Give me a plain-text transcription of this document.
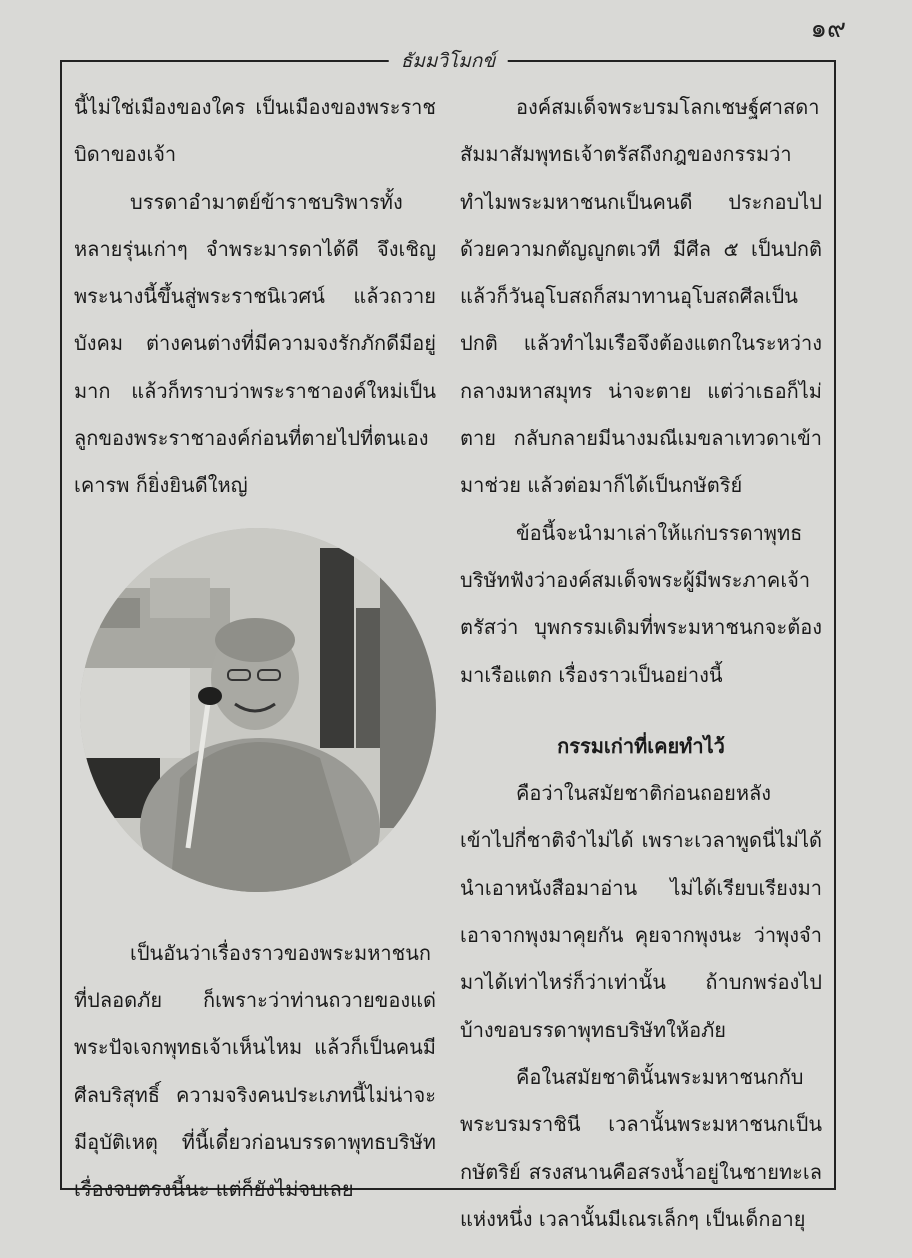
๑๙
ธัมมวิโมกข์

นี้ไม่ใช่เมืองของใคร เป็นเมืองของพระราชบิดาของเจ้า

บรรดาอำมาตย์ข้าราชบริพารทั้งหลายรุ่นเก่าๆ จำพระมารดาได้ดี จึงเชิญพระนางนี้ขึ้นสู่พระราชนิเวศน์ แล้วถวายบังคม ต่างคนต่างที่มีความจงรักภักดีมีอยู่มาก แล้วก็ทราบว่าพระราชาองค์ใหม่เป็นลูกของพระราชาองค์ก่อนที่ตายไปที่ตนเองเคารพ ก็ยิ่งยินดีใหญ่

เป็นอันว่าเรื่องราวของพระมหาชนกที่ปลอดภัย ก็เพราะว่าท่านถวายของแด่พระปัจเจกพุทธเจ้าเห็นไหม แล้วก็เป็นคนมีศีลบริสุทธิ์ ความจริงคนประเภทนี้ไม่น่าจะมีอุบัติเหตุ ที่นี้เดี๋ยวก่อนบรรดาพุทธบริษัทเรื่องจบตรงนี้นะ แต่ก็ยังไม่จบเลย

องค์สมเด็จพระบรมโลกเชษฐ์ศาสดาสัมมาสัมพุทธเจ้าตรัสถึงกฎของกรรมว่าทำไมพระมหาชนกเป็นคนดี ประกอบไปด้วยความกตัญญูกตเวที มีศีล ๕ เป็นปกติ แล้วก็วันอุโบสถก็สมาทานอุโบสถศีลเป็นปกติ แล้วทำไมเรือจึงต้องแตกในระหว่างกลางมหาสมุทร น่าจะตาย แต่ว่าเธอก็ไม่ตาย กลับกลายมีนางมณีเมขลาเทวดาเข้ามาช่วย แล้วต่อมาก็ได้เป็นกษัตริย์

ข้อนี้จะนำมาเล่าให้แก่บรรดาพุทธบริษัทฟังว่าองค์สมเด็จพระผู้มีพระภาคเจ้าตรัสว่า บุพกรรมเดิมที่พระมหาชนกจะต้องมาเรือแตก เรื่องราวเป็นอย่างนี้

กรรมเก่าที่เคยทำไว้

คือว่าในสมัยชาติก่อนถอยหลังเข้าไปกี่ชาติจำไม่ได้ เพราะเวลาพูดนี่ไม่ได้นำเอาหนังสือมาอ่าน ไม่ได้เรียบเรียงมา เอาจากพุงมาคุยกัน คุยจากพุงนะ ว่าพุงจำมาได้เท่าไหร่ก็ว่าเท่านั้น ถ้าบกพร่องไปบ้างขอบรรดาพุทธบริษัทให้อภัย

คือในสมัยชาตินั้นพระมหาชนกกับพระบรมราชินี เวลานั้นพระมหาชนกเป็นกษัตริย์ สรงสนานคือสรงน้ำอยู่ในชายทะเลแห่งหนึ่ง เวลานั้นมีเณรเล็กๆ เป็นเด็กอายุ
